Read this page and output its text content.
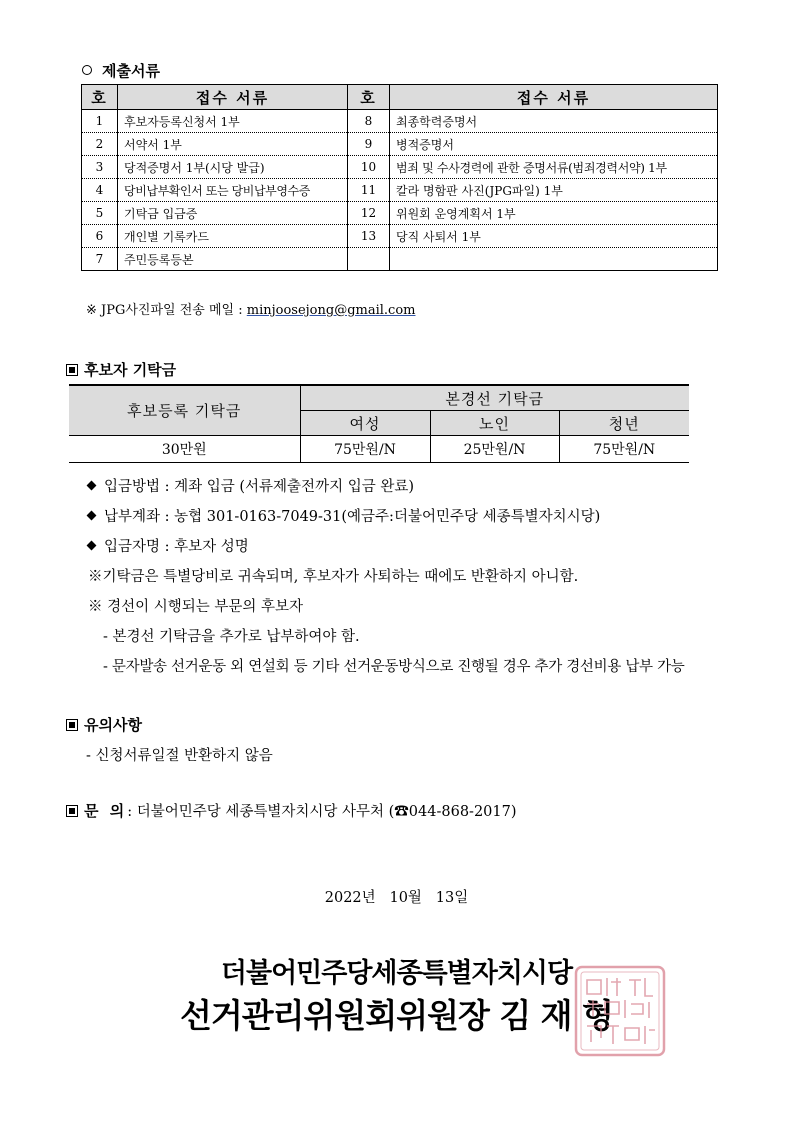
제출서류
호	접수 서류	호	접수 서류
1	후보자등록신청서 1부	8	최종학력증명서
2	서약서 1부	9	병적증명서
3	당적증명서 1부(시당 발급)	10	범죄 및 수사경력에 관한 증명서류(범죄경력서약) 1부
4	당비납부확인서 또는 당비납부영수증	11	칼라 명함판 사진(JPG파일) 1부
5	기탁금 입금증	12	위원회 운영계획서 1부
6	개인별 기록카드	13	당직 사퇴서 1부
7	주민등록등본		
※ JPG사진파일 전송 메일 : minjoosejong@gmail.com
후보자 기탁금
후보등록 기탁금	본경선 기탁금		
	여성	노인	청년
30만원	75만원/N	25만원/N	75만원/N
입금방법 : 계좌 입금 (서류제출전까지 입금 완료)
납부계좌 : 농협 301-0163-7049-31(예금주:더불어민주당 세종특별자치시당)
입금자명 : 후보자 성명
※기탁금은 특별당비로 귀속되며, 후보자가 사퇴하는 때에도 반환하지 아니함.
※ 경선이 시행되는 부문의 후보자
- 본경선 기탁금을 추가로 납부하여야 함.
- 문자발송 선거운동 외 연설회 등 기타 선거운동방식으로 진행될 경우 추가 경선비용 납부 가능
유의사항
- 신청서류일절 반환하지 않음
문 의: 더불어민주당 세종특별자치시당 사무처 (☎044-868-2017)
2022년   10월   13일
더불어민주당세종특별자치시당
선거관리위원회위원장 김 재 형
